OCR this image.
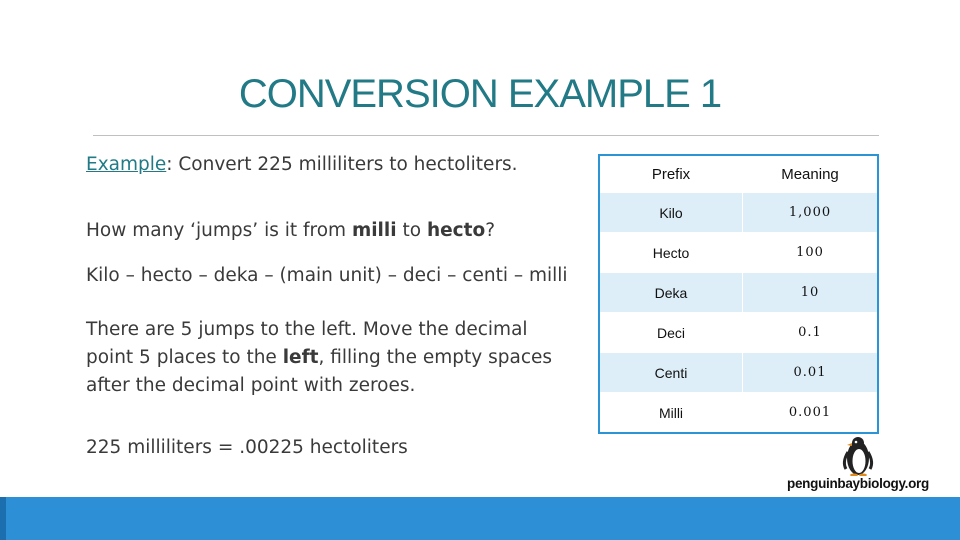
CONVERSION EXAMPLE 1

Example: Convert 225 milliliters to hectoliters.

How many ‘jumps’ is it from milli to hecto?

Kilo – hecto – deka – (main unit) – deci – centi – milli

There are 5 jumps to the left. Move the decimal point 5 places to the left, filling the empty spaces after the decimal point with zeroes.

225 milliliters = .00225 hectoliters

Prefix	Meaning
Kilo	1,000
Hecto	100
Deka	10
Deci	0.1
Centi	0.01
Milli	0.001
penguinbaybiology.org
